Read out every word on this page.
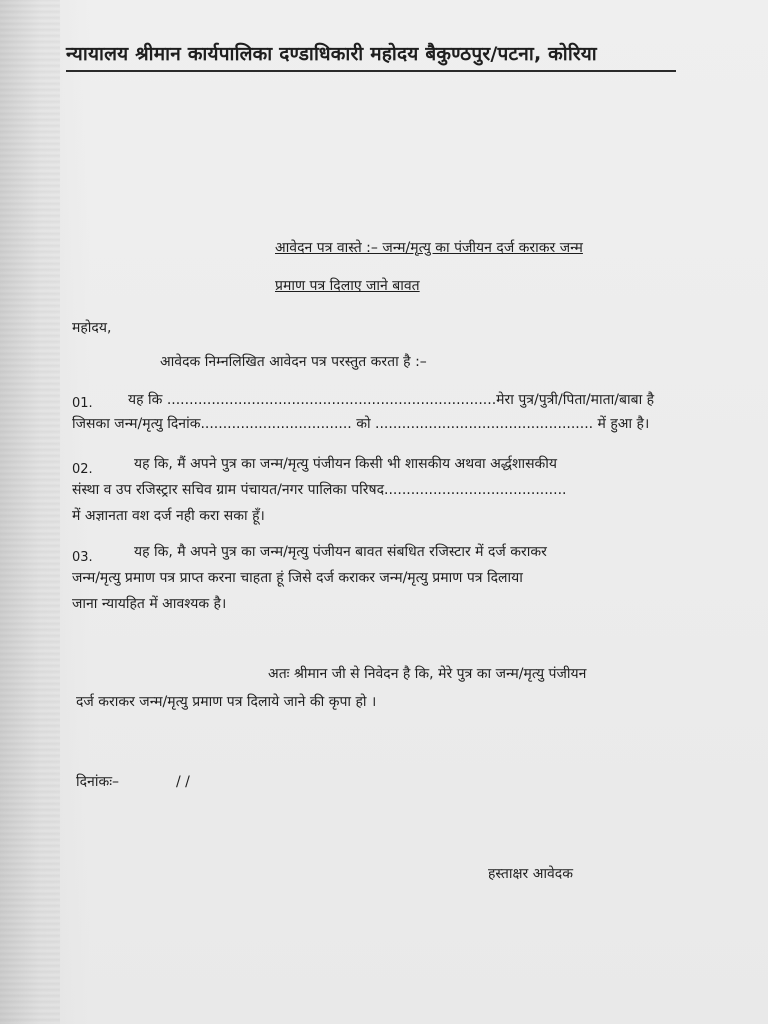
न्यायालय श्रीमान कार्यपालिका दण्डाधिकारी महोदय बैकुण्ठपुर/पटना, कोरिया
आवेदन पत्र वास्ते :– जन्म/मृत्यु का पंजीयन दर्ज कराकर जन्म
प्रमाण पत्र दिलाए जाने बावत
महोदय,
आवेदक निम्नलिखित आवेदन पत्र परस्तुत करता है :–
01.	यह कि ..........................................................................मेरा पुत्र/पुत्री/पिता/माता/बाबा है
जिसका जन्म/मृत्यु दिनांक.................................. को ................................................. में हुआ है।
02.	यह कि, मैं अपने पुत्र का जन्म/मृत्यु पंजीयन किसी भी शासकीय अथवा अर्द्धशासकीय
संस्था व उप रजिस्ट्रार सचिव ग्राम पंचायत/नगर पालिका परिषद.........................................
में अज्ञानता वश दर्ज नही करा सका हूँ।
03.	यह कि, मै अपने पुत्र का जन्म/मृत्यु पंजीयन बावत संबधित रजिस्टार में दर्ज कराकर
जन्म/मृत्यु प्रमाण पत्र प्राप्त करना चाहता हूं जिसे दर्ज कराकर जन्म/मृत्यु प्रमाण पत्र दिलाया
जाना न्यायहित में आवश्यक है।
अतः श्रीमान जी से निवेदन है कि, मेरे पुत्र का जन्म/मृत्यु पंजीयन
दर्ज कराकर जन्म/मृत्यु प्रमाण पत्र दिलाये जाने की कृपा हो ।
दिनांकः–	/ /
हस्ताक्षर आवेदक
